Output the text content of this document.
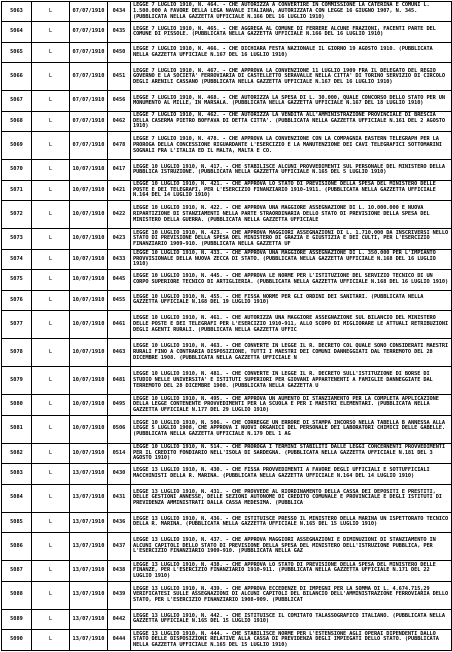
5063	L	07/07/1910	0434	LEGGE 7 LUGLIO 1910, N. 464. - CHE AUTORIZZA A CONVERTIRE IN COMMISSIONE LA CATERINA E COMUNI L. 1.500.000 A FAVORE DELLA LEGA NAVALE ITALIANA, AUTORIZZATA CON LEGGE 16 GIUGNO 1907, N. 345. (PUBBLICATA NELLA GAZZETTA UFFICIALE N.166 DEL 16 LUGLIO 1910)
5064	L	07/07/1910	0435	LEGGE 7 LUGLIO 1910, N. 465. - CHE AGGREGA AL COMUNE DI FERRERE ALCUNE FRAZIONI, FACENTI PARTE DEL COMUNE DI PISSOLE. (PUBBLICATA NELLA GAZZETTA UFFICIALE N.166 DEL 16 LUGLIO 1910)
5065	L	07/07/1910	0450	LEGGE 7 LUGLIO 1910, N. 466. - CHE DICHIARA FESTA NAZIONALE IL GIORNO 19 AGOSTO 1910. (PUBBLICATA NELLA GAZZETTA UFFICIALE N.167 DEL 16 LUGLIO 1910)
5066	L	07/07/1910	0451	LEGGE 7 LUGLIO 1910, N. 467. - CHE APPROVA LA CONVENZIONE 11 LUGLIO 1909 FRA IL DELEGATO DEL REGIO GOVERNO E LA SOCIETA' FERROVIARIA DI CASTELLETTO SERAVALLE NELLA CITTA' DI TORINO SERVIZIO DI CIRCOLO DEGLI ARENILI CASSANO (PUBBLICATA NELLA GAZZETTA UFFICIALE N.167 DEL 16 LUGLIO 1910)
5067	L	07/07/1910	0456	LEGGE 7 LUGLIO 1910, N. 468. - CHE AUTORIZZA LA SPESA DI L. 30.000, QUALE CONCORSO DELLO STATO PER UN MONUMENTO AL MILLE, IN MARSALA. (PUBBLICATA NELLA GAZZETTA UFFICIALE N.167 DEL 18 LUGLIO 1910)
5068	L	07/07/1910	0462	LEGGE 7 LUGLIO 1910, N. 462. - CHE AUTORIZZA LA VENDITA ALL'AMMINISTRAZIONE PROVINCIALE DI BRESCIA DELLA CASERMA PIETRO BOFFAVA DI DETTA CITTA'. (PUBBLICATA NELLA GAZZETTA UFFICIALE N.161 DEL 2 AGOSTO 1910)
5069	L	07/07/1910	0478	LEGGE 7 LUGLIO 1910, N. 478. - CHE APPROVA LA CONVENZIONE CON LA COMPAGNIA EASTERN TELEGRAPH PER LA PROROGA DELLA CONCESSIONE RIGUARDANTE L'ESERCIZIO E LA MANUTENZIONE DEI CAVI TELEGRAFICI SOTTOMARINI SOGNALI FRA L'ITALIA ED IL MALTA, MALTA E CO.
5070	L	10/07/1910	0417	LEGGE 10 LUGLIO 1910, N. 417. - CHE STABILISCE ALCUNI PROVVEDIMENTI SUL PERSONALE DEL MINISTERO DELLA PUBBLICA ISTRUZIONE. (PUBBLICATA NELLA GAZZETTA UFFICIALE N.165 DEL 5 LUGLIO 1910)
5071	L	10/07/1910	0421	LEGGE 10 LUGLIO 1910, N. 421. - CHE APPROVA LO STATO DI PREVISIONE DELLA SPESA DEL MINISTERO DELLE POSTE E DEI TELEGRAFI, PER L'ESERCIZIO FINANZIARIO 1910-1911. (PUBBLICATA NELLA GAZZETTA UFFICIALE N.164 DEL 14 LUGLIO 1910)
5072	L	10/07/1910	0422	LEGGE 10 LUGLIO 1910, N. 422. - CHE APPROVA UNA MAGGIORE ASSEGNAZIONE DI L. 10.000.000 E NUOVA RIPARTIZIONE DI STANZIAMENTI NELLA PARTE STRAORDINARIA DELLO STATO DI PREVISIONE DELLA SPESA DEL MINISTERO DELLA GUERRA. (PUBBLICATA NELLA GAZZETTA UFFICIALE
5073	L	10/07/1910	0423	LEGGE 10 LUGLIO 1910, N. 423. - CHE APPROVA MAGGIORI ASSEGNAZIONI DI L. 1.710.000 DA INSCRIVERSI NELLO STATO DI PREVISIONE DELLA SPESA DEL MINISTERO DI GRAZIA E GIUSTIZIA E DEI CULTI, PER L'ESERCIZIO FINANZIARIO 1909-910. (PUBBLICATA NELLA GAZZETTA UF
5074	L	10/07/1910	0433	LEGGE 10 LUGLIO 1910, N. 433. - CHE APPROVA UNA MAGGIORE ASSEGNAZIONE DI L. 350.000 PER L'IMPIANTO PROVVISIONALE DELLA NUOVA ZECCA DI STATO. (PUBBLICATA NELLA GAZZETTA UFFICIALE N.168 DEL 16 LUGLIO 1910)
5075	L	10/07/1910	0445	LEGGE 10 LUGLIO 1910, N. 445. - CHE APPROVA LE NORME PER L'ISTITUZIONE DEL SERVIZIO TECNICO DI UN CORPO SUPERIORE TECNICO DI ARTIGLIERIA. (PUBBLICATA NELLA GAZZETTA UFFICIALE N.168 DEL 16 LUGLIO 1910)
5076	L	10/07/1910	0455	LEGGE 10 LUGLIO 1910, N. 455. - CHE FISSA NORME PER GLI ORDINI DEI SANITARI. (PUBBLICATA NELLA GAZZETTA UFFICIALE N.168 DEL 19 LUGLIO 1910)
5077	L	10/07/1910	0461	LEGGE 10 LUGLIO 1910, N. 461. - CHE AUTORIZZA UNA MAGGIORE ASSEGNAZIONE SUL BILANCIO DEL MINISTERO DELLE POSTE E DEI TELEGRAFI PER L'ESERCIZIO 1910-911, ALLO SCOPO DI MIGLIORARE LE ATTUALI RETRIBUZIONI DEGLI AGENTI RURALI. (PUBBLICATA NELLA GAZZETTA UFFIC
5078	L	10/07/1910	0463	LEGGE 10 LUGLIO 1910, N. 463. - CHE CONVERTE IN LEGGE IL R. DECRETO COL QUALE SONO CONSIDERATI MAESTRI RURALI FINO A CONTRARIA DISPOSIZIONE, TUTTI I MAESTRI DEI COMUNI DANNEGGIATI DAL TERREMOTO DEL 28 DICEMBRE 1908. (PUBBLICATA NELLA GAZZETTA UFFICIALE N
5079	L	10/07/1910	0481	LEGGE 10 LUGLIO 1910, N. 481. - CHE CONVERTE IN LEGGE IL R. DECRETO SULL'ISTITUZIONE DI BORSE DI STUDIO NELLE UNIVERSITA' E ISTITUTI SUPERIORI PER GIOVANI APPARTENENTI A FAMIGLIE DANNEGGIATE DAL TERREMOTO DEL 28 DICEMBRE 1908. (PUBBLICATA NELLA GAZZETTA U
5080	L	10/07/1910	0495	LEGGE 10 LUGLIO 1910, N. 495. - CHE APPROVA UN AUMENTO DI STANZIAMENTO PER LA COMPLETA APPLICAZIONE DELLA LEGGE CONTENENTE PROVVEDIMENTI PER LA SCUOLA E PER I MAESTRI ELEMENTARI. (PUBBLICATA NELLA GAZZETTA UFFICIALE N.177 DEL 29 LUGLIO 1910)
5081	L	10/07/1910	0506	LEGGE 10 LUGLIO 1910, N. 506. - CHE CORREGGE UN ERRORE DI STAMPA INCORSO NELLA TABELLA B ANNESSA ALLA LEGGE 5 LUGLIO 1908, CHE APPROVA I NUOVI ORGANICI DEL PERSONALE DEI LABORATORI CHIMICI DELLE GABELLE. (PUBBLICATA NELLA GAZZETTA UFFICIALE N.179 DEL 1 AG
5082	L	10/07/1910	0514	LEGGE 10 LUGLIO 1910, N. 514. - CHE PROROGA I TERMINI STABILITI DALLE LEGGI CONCERNENTI PROVVEDIMENTI PER IL CREDITO FONDIARIO NELL'ISOLA DI SARDEGNA. (PUBBLICATA NELLA GAZZETTA UFFICIALE N.181 DEL 3 AGOSTO 1910)
5083	L	13/07/1910	0430	LEGGE 13 LUGLIO 1910, N. 430. - CHE FISSA PROVVEDIMENTI A FAVORE DEGLI UFFICIALI E SOTTUFFICIALI MACCHINISTI DELLA R. MARINA. (PUBBLICATA NELLA GAZZETTA UFFICIALE N.164 DEL 14 LUGLIO 1910)
5084	L	13/07/1910	0431	LEGGE 13 LUGLIO 1910, N. 431. - CHE PROVVEDE AL RIORDINAMENTO DELLA CASSA DEI DEPOSITI E PRESTITI, DELLE GESTIONI ANNESSE, DELLE SEZIONI AUTONOME DI CREDITO COMUNALE E PROVINCIALE E DEGLI ISTITUTI DI PREVIDENZA AMMINISTRATI DALLA CASSA MEDESIMA. (PUBBLICA
5085	L	13/07/1910	0436	LEGGE 13 LUGLIO 1910, N. 436. - CHE ISTITUISCE PRESSO IL MINISTERO DELLA MARINA UN ISPETTORATO TECNICO DELLA R. MARINA. (PUBBLICATA NELLA GAZZETTA UFFICIALE N.165 DEL 15 LUGLIO 1910)
5086	L	13/07/1910	0437	LEGGE 13 LUGLIO 1910, N. 437. - CHE APPROVA MAGGIORI ASSEGNAZIONI E DIMINUZIONI DI STANZIAMENTO IN ALCUNI CAPITOLI DELLO STATO DI PREVISIONE DELLA SPESA DEL MINISTERO DELL'ISTRUZIONE PUBBLICA, PER L'ESERCIZIO FINANZIARIO 1909-910. (PUBBLICATA NELLA GAZ
5087	L	13/07/1910	0438	LEGGE 13 LUGLIO 1910, N. 438. - CHE APPROVA LO STATO DI PREVISIONE DELLA SPESA DEL MINISTERO DELLE FINANZE, PER L'ESERCIZIO FINANZIARIO 1910-911. (PUBBLICATA NELLA GAZZETTA UFFICIALE N.171 DEL 22 LUGLIO 1910)
5088	L	13/07/1910	0439	LEGGE 13 LUGLIO 1910, N. 439. - CHE APPROVA ECCEDENZE DI IMPEGNI PER LA SOMMA DI L. 4.674.715,29 VERIFICATESI SULLE ASSEGNAZIONI DI ALCUNI CAPITOLI DEL BILANCIO DELL'AMMINISTRAZIONE FERROVIARIA DELLO STATO, PER L'ESERCIZIO FINANZIARIO 1908-909. (PUBBLICAT
5089	L	13/07/1910	0442	LEGGE 13 LUGLIO 1910, N. 442. - CHE ISTITUISCE IL COMITATO TALASSOGRAFICO ITALIANO. (PUBBLICATA NELLA GAZZETTA UFFICIALE N.165 DEL 15 LUGLIO 1910)
5090	L	13/07/1910	0444	LEGGE 13 LUGLIO 1910, N. 444. - CHE STABILISCE NORME PER L'ESTENSIONE AGLI OPERAI DIPENDENTI DALLO STATO DELLE DISPOSIZIONI RELATIVE ALLA CASSA DI PREVIDENZA DEGLI IMPIEGATI DELLO STATO. (PUBBLICATA NELLA GAZZETTA UFFICIALE N.165 DEL 15 LUGLIO 1910)
